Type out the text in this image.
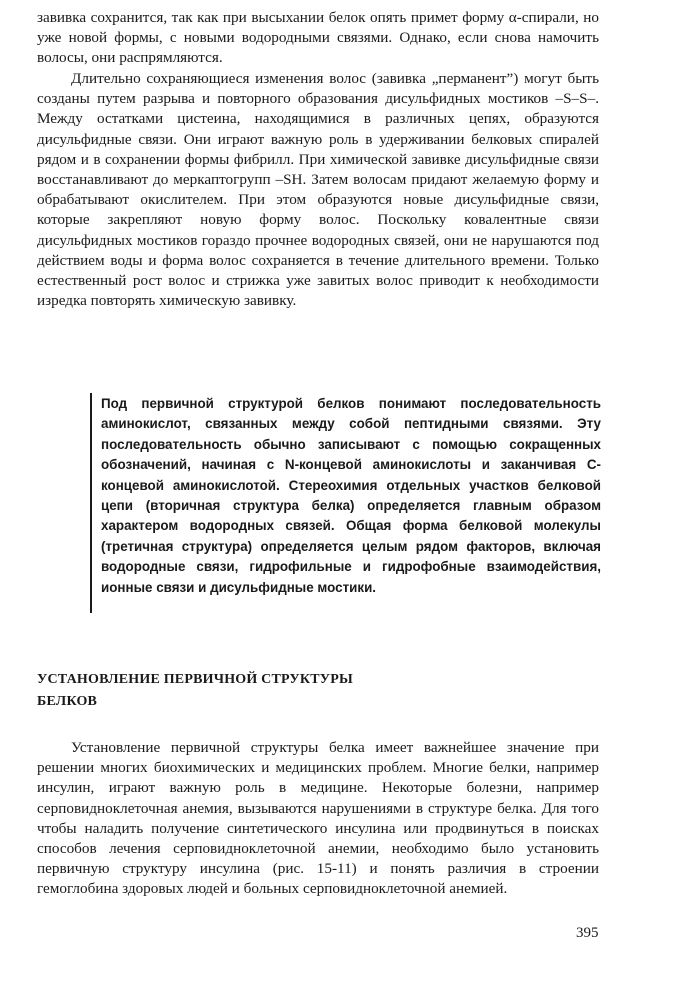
завивка сохранится, так как при высыхании белок опять примет форму α-спирали, но уже новой формы, с новыми водородными связями. Однако, если снова намочить волосы, они распрямляются.

Длительно сохраняющиеся изменения волос (завивка „перманент”) могут быть созданы путем разрыва и повторного образования дисульфидных мостиков –S–S–. Между остатками цистеина, находящимися в различных цепях, образуются дисульфидные связи. Они играют важную роль в удерживании белковых спиралей рядом и в сохранении формы фибрилл. При химической завивке дисульфидные связи восстанавливают до меркаптогрупп –SH. Затем волосам придают желаемую форму и обрабатывают окислителем. При этом образуются новые дисульфидные связи, которые закрепляют новую форму волос. Поскольку ковалентные связи дисульфидных мостиков гораздо прочнее водородных связей, они не нарушаются под действием воды и форма волос сохраняется в течение длительного времени. Только естественный рост волос и стрижка уже завитых волос приводит к необходимости изредка повторять химическую завивку.

Под первичной структурой белков понимают последовательность аминокислот, связанных между собой пептидными связями. Эту последовательность обычно записывают с помощью сокращенных обозначений, начиная с N-концевой аминокислоты и заканчивая С-концевой аминокислотой. Стереохимия отдельных участков белковой цепи (вторичная структура белка) определяется главным образом характером водородных связей. Общая форма белковой молекулы (третичная структура) определяется целым рядом факторов, включая водородные связи, гидрофильные и гидрофобные взаимодействия, ионные связи и дисульфидные мостики.

УСТАНОВЛЕНИЕ ПЕРВИЧНОЙ СТРУКТУРЫ
БЕЛКОВ

Установление первичной структуры белка имеет важнейшее значение при решении многих биохимических и медицинских проблем. Многие белки, например инсулин, играют важную роль в медицине. Некоторые болезни, например серповидноклеточная анемия, вызываются нарушениями в структуре белка. Для того чтобы наладить получение синтетического инсулина или продвинуться в поисках способов лечения серповидноклеточной анемии, необходимо было установить первичную структуру инсулина (рис. 15-11) и понять различия в строении гемоглобина здоровых людей и больных серповидноклеточной анемией.

395
